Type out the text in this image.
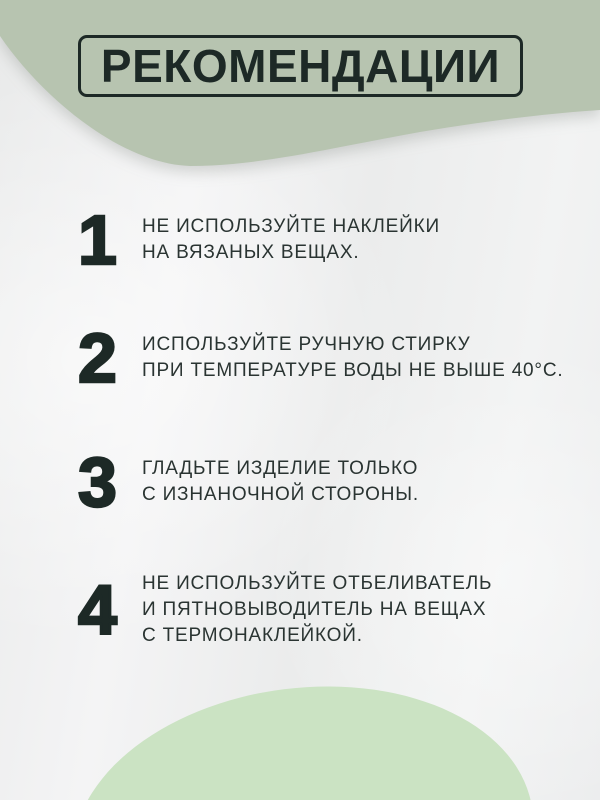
РЕКОМЕНДАЦИИ
1	НЕ ИСПОЛЬЗУЙТЕ НАКЛЕЙКИ
НА ВЯЗАНЫХ ВЕЩАХ.
2	ИСПОЛЬЗУЙТЕ РУЧНУЮ СТИРКУ
ПРИ ТЕМПЕРАТУРЕ ВОДЫ НЕ ВЫШЕ 40°С.
3	ГЛАДЬТЕ ИЗДЕЛИЕ ТОЛЬКО
С ИЗНАНОЧНОЙ СТОРОНЫ.
4	НЕ ИСПОЛЬЗУЙТЕ ОТБЕЛИВАТЕЛЬ
И ПЯТНОВЫВОДИТЕЛЬ НА ВЕЩАХ
С ТЕРМОНАКЛЕЙКОЙ.
